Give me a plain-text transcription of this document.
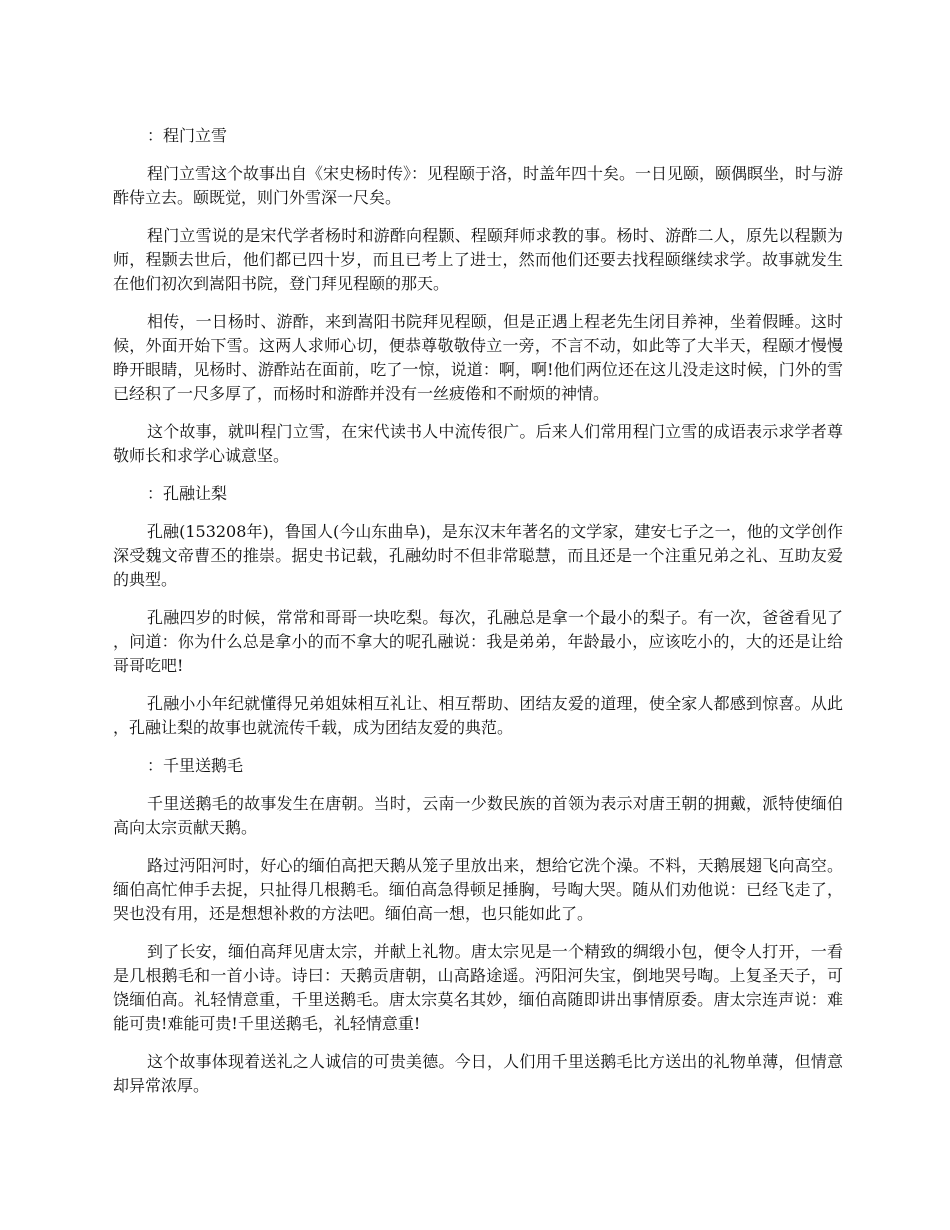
：程门立雪

程门立雪这个故事出自《宋史杨时传》：见程颐于洛，时盖年四十矣。一日见颐，颐偶瞑坐，时与游酢侍立去。颐既觉，则门外雪深一尺矣。

程门立雪说的是宋代学者杨时和游酢向程颢、程颐拜师求教的事。杨时、游酢二人，原先以程颢为师，程颢去世后，他们都已四十岁，而且已考上了进士，然而他们还要去找程颐继续求学。故事就发生在他们初次到嵩阳书院，登门拜见程颐的那天。

相传，一日杨时、游酢，来到嵩阳书院拜见程颐，但是正遇上程老先生闭目养神，坐着假睡。这时候，外面开始下雪。这两人求师心切，便恭尊敬敬侍立一旁，不言不动，如此等了大半天，程颐才慢慢睁开眼睛，见杨时、游酢站在面前，吃了一惊，说道：啊，啊!他们两位还在这儿没走这时候，门外的雪已经积了一尺多厚了，而杨时和游酢并没有一丝疲倦和不耐烦的神情。

这个故事，就叫程门立雪，在宋代读书人中流传很广。后来人们常用程门立雪的成语表示求学者尊敬师长和求学心诚意坚。

：孔融让梨

孔融(153208年)，鲁国人(今山东曲阜)，是东汉末年著名的文学家，建安七子之一，他的文学创作深受魏文帝曹丕的推崇。据史书记载，孔融幼时不但非常聪慧，而且还是一个注重兄弟之礼、互助友爱的典型。

孔融四岁的时候，常常和哥哥一块吃梨。每次，孔融总是拿一个最小的梨子。有一次，爸爸看见了，问道：你为什么总是拿小的而不拿大的呢孔融说：我是弟弟，年龄最小，应该吃小的，大的还是让给哥哥吃吧!

孔融小小年纪就懂得兄弟姐妹相互礼让、相互帮助、团结友爱的道理，使全家人都感到惊喜。从此，孔融让梨的故事也就流传千载，成为团结友爱的典范。

：千里送鹅毛

千里送鹅毛的故事发生在唐朝。当时，云南一少数民族的首领为表示对唐王朝的拥戴，派特使缅伯高向太宗贡献天鹅。

路过沔阳河时，好心的缅伯高把天鹅从笼子里放出来，想给它洗个澡。不料，天鹅展翅飞向高空。缅伯高忙伸手去捉，只扯得几根鹅毛。缅伯高急得顿足捶胸，号啕大哭。随从们劝他说：已经飞走了，哭也没有用，还是想想补救的方法吧。缅伯高一想，也只能如此了。

到了长安，缅伯高拜见唐太宗，并献上礼物。唐太宗见是一个精致的绸缎小包，便令人打开，一看是几根鹅毛和一首小诗。诗曰：天鹅贡唐朝，山高路途遥。沔阳河失宝，倒地哭号啕。上复圣天子，可饶缅伯高。礼轻情意重，千里送鹅毛。唐太宗莫名其妙，缅伯高随即讲出事情原委。唐太宗连声说：难能可贵!难能可贵!千里送鹅毛，礼轻情意重!

这个故事体现着送礼之人诚信的可贵美德。今日，人们用千里送鹅毛比方送出的礼物单薄，但情意却异常浓厚。
